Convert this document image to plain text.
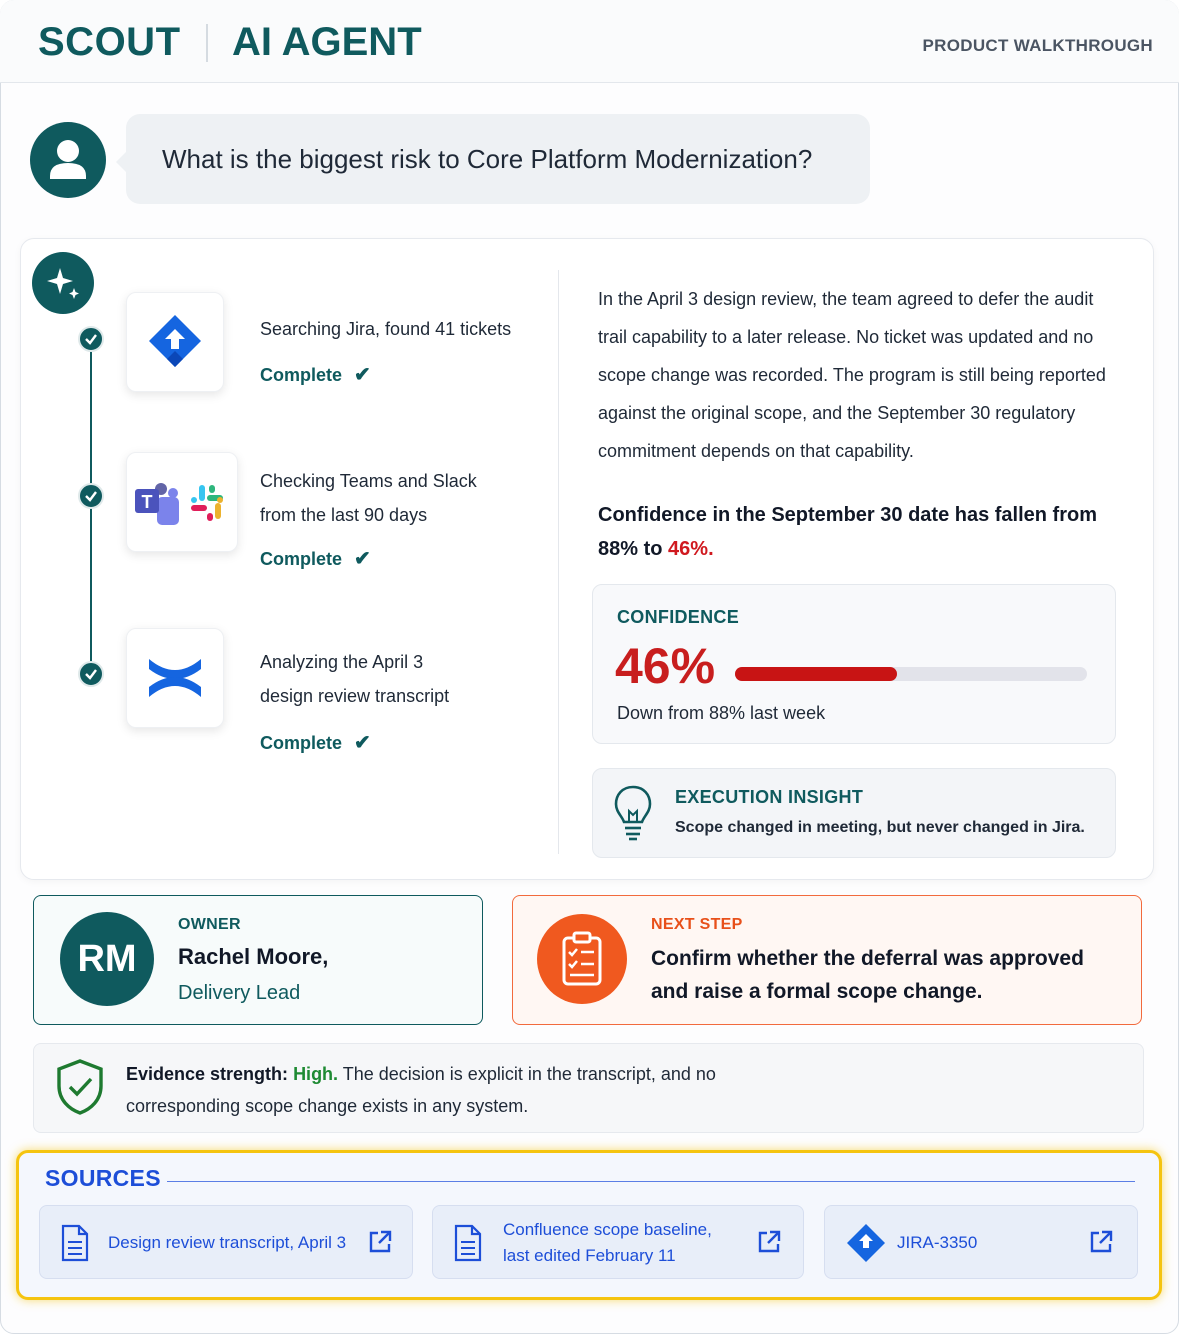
SCOUT AI AGENT	PRODUCT WALKTHROUGH
What is the biggest risk to Core Platform Modernization?
Searching Jira, found 41 tickets
Complete ✔
T
Checking Teams and Slack
from the last 90 days
Complete ✔
Analyzing the April 3
design review transcript
Complete ✔
In the April 3 design review, the team agreed to defer the audit trail capability to a later release. No ticket was updated and no scope change was recorded. The program is still being reported against the original scope, and the September 30 regulatory commitment depends on that capability.
Confidence in the September 30 date has fallen from 88% to 46%.
CONFIDENCE
46%
Down from 88% last week
EXECUTION INSIGHT
Scope changed in meeting, but never changed in Jira.
RM
OWNER
Rachel Moore,
Delivery Lead
NEXT STEP
Confirm whether the deferral was approved and raise a formal scope change.
Evidence strength: High. The decision is explicit in the transcript, and no corresponding scope change exists in any system.
SOURCES
Design review transcript, April 3
Confluence scope baseline,
last edited February 11
JIRA-3350
